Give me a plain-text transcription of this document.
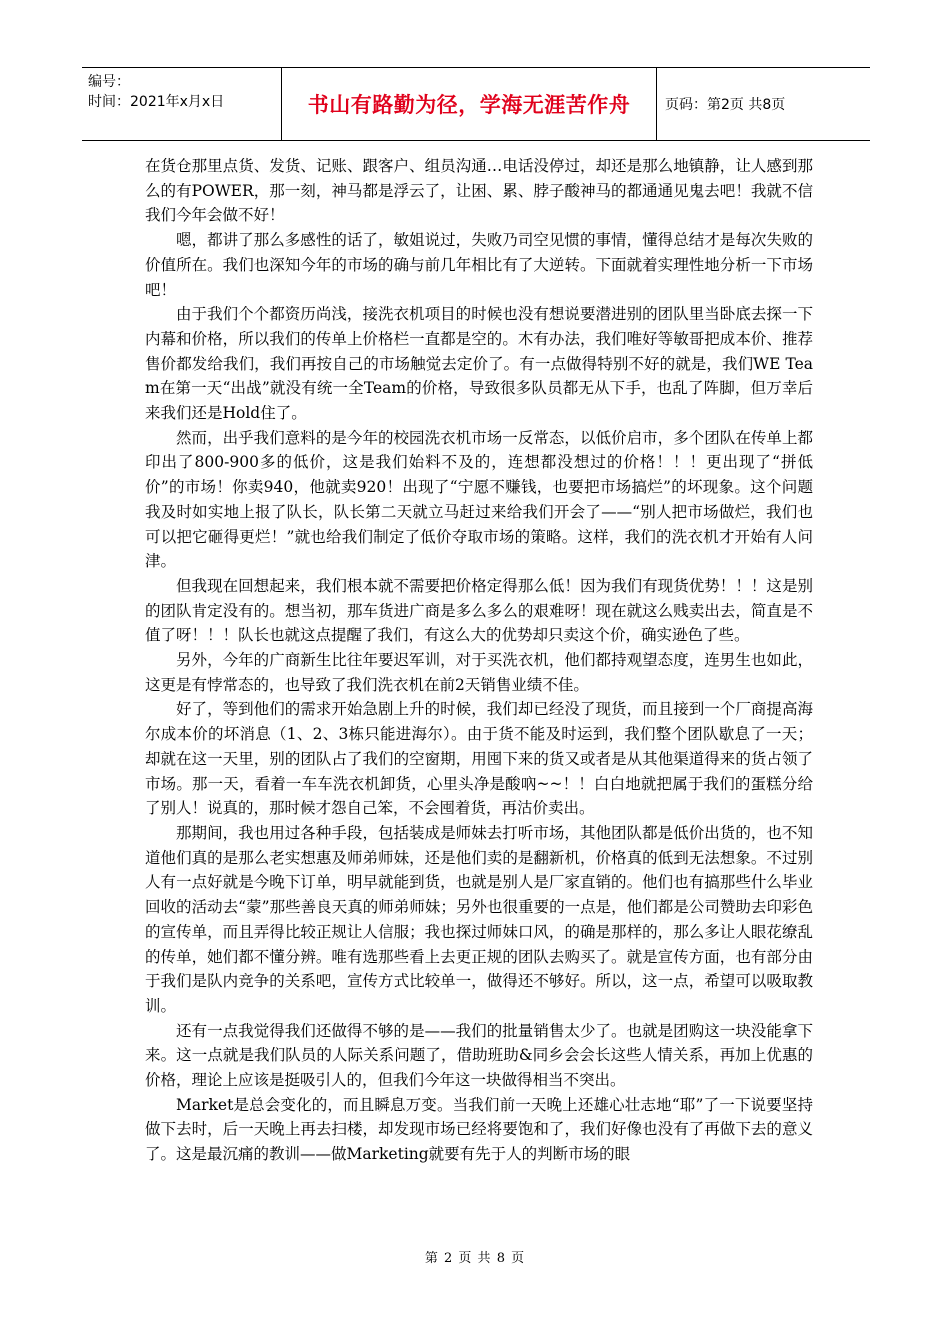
编号：
时间：2021年x月x日	书山有路勤为径，学海无涯苦作舟 页码：第2页 共8页

在货仓那里点货、发货、记账、跟客户、组员沟通…电话没停过，却还是那么地镇静，让人感到那么的有POWER，那一刻，神马都是浮云了，让困、累、脖子酸神马的都通通见鬼去吧！我就不信我们今年会做不好！

嗯，都讲了那么多感性的话了，敏姐说过，失败乃司空见惯的事情，懂得总结才是每次失败的价值所在。我们也深知今年的市场的确与前几年相比有了大逆转。下面就着实理性地分析一下市场吧！

由于我们个个都资历尚浅，接洗衣机项目的时候也没有想说要潜进别的团队里当卧底去探一下内幕和价格，所以我们的传单上价格栏一直都是空的。木有办法，我们唯好等敏哥把成本价、推荐售价都发给我们，我们再按自己的市场触觉去定价了。有一点做得特别不好的就是，我们WE Team在第一天“出战”就没有统一全Team的价格，导致很多队员都无从下手，也乱了阵脚，但万幸后来我们还是Hold住了。

然而，出乎我们意料的是今年的校园洗衣机市场一反常态，以低价启市，多个团队在传单上都印出了800-900多的低价，这是我们始料不及的，连想都没想过的价格！！！更出现了“拼低价”的市场！你卖940，他就卖920！出现了“宁愿不赚钱，也要把市场搞烂”的坏现象。这个问题我及时如实地上报了队长，队长第二天就立马赶过来给我们开会了——“别人把市场做烂，我们也可以把它砸得更烂！”就也给我们制定了低价夺取市场的策略。这样，我们的洗衣机才开始有人问津。

但我现在回想起来，我们根本就不需要把价格定得那么低！因为我们有现货优势！！！这是别的团队肯定没有的。想当初，那车货进广商是多么多么的艰难呀！现在就这么贱卖出去，简直是不值了呀！！！队长也就这点提醒了我们，有这么大的优势却只卖这个价，确实逊色了些。

另外，今年的广商新生比往年要迟军训，对于买洗衣机，他们都持观望态度，连男生也如此，这更是有悖常态的，也导致了我们洗衣机在前2天销售业绩不佳。

好了，等到他们的需求开始急剧上升的时候，我们却已经没了现货，而且接到一个厂商提高海尔成本价的坏消息（1、2、3栋只能进海尔）。由于货不能及时运到，我们整个团队歇息了一天；却就在这一天里，别的团队占了我们的空窗期，用囤下来的货又或者是从其他渠道得来的货占领了市场。那一天，看着一车车洗衣机卸货，心里头净是酸吶~~！！白白地就把属于我们的蛋糕分给了别人！说真的，那时候才怨自己笨，不会囤着货，再沽价卖出。

那期间，我也用过各种手段，包括装成是师妹去打听市场，其他团队都是低价出货的，也不知道他们真的是那么老实想惠及师弟师妹，还是他们卖的是翻新机，价格真的低到无法想象。不过别人有一点好就是今晚下订单，明早就能到货，也就是别人是厂家直销的。他们也有搞那些什么毕业回收的活动去“蒙”那些善良天真的师弟师妹；另外也很重要的一点是，他们都是公司赞助去印彩色的宣传单，而且弄得比较正规让人信服；我也探过师妹口风，的确是那样的，那么多让人眼花缭乱的传单，她们都不懂分辨。唯有选那些看上去更正规的团队去购买了。就是宣传方面，也有部分由于我们是队内竞争的关系吧，宣传方式比较单一，做得还不够好。所以，这一点，希望可以吸取教训。

还有一点我觉得我们还做得不够的是——我们的批量销售太少了。也就是团购这一块没能拿下来。这一点就是我们队员的人际关系问题了，借助班助&同乡会会长这些人情关系，再加上优惠的价格，理论上应该是挺吸引人的，但我们今年这一块做得相当不突出。

Market是总会变化的，而且瞬息万变。当我们前一天晚上还雄心壮志地“耶”了一下说要坚持做下去时，后一天晚上再去扫楼，却发现市场已经将要饱和了，我们好像也没有了再做下去的意义了。这是最沉痛的教训——做Marketing就要有先于人的判断市场的眼

第 2 页 共 8 页
